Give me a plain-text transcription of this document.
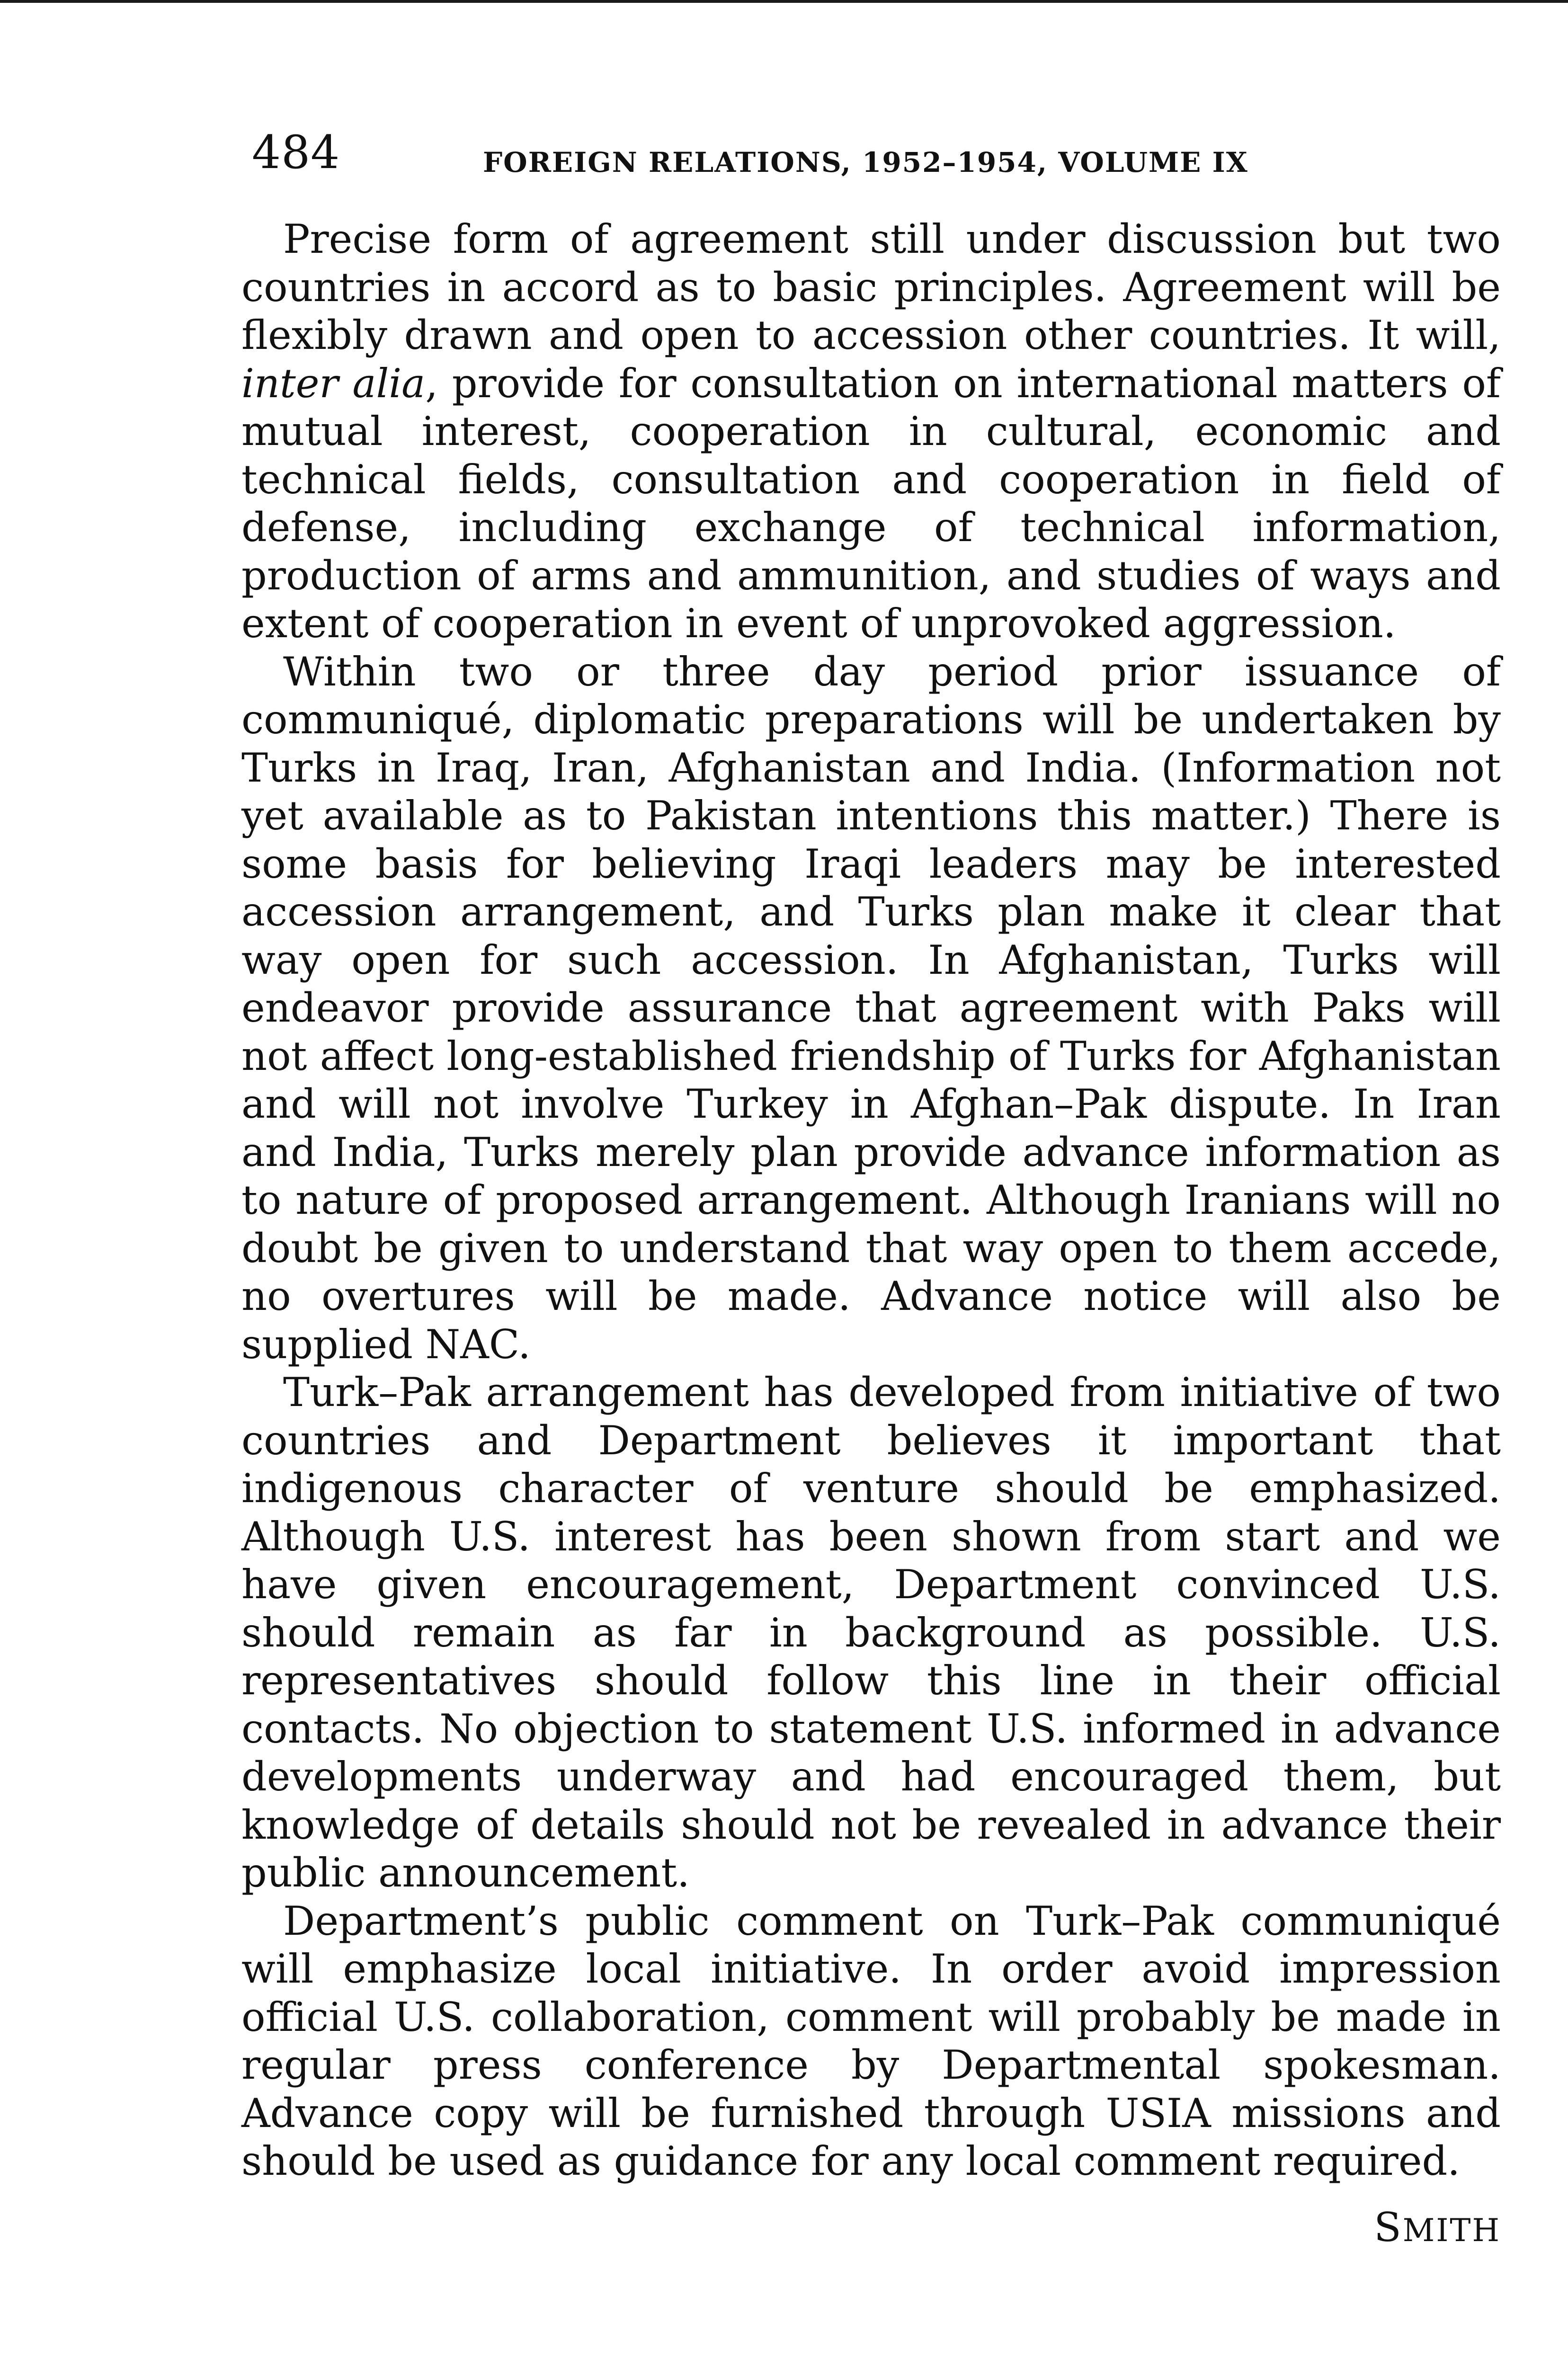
484	FOREIGN RELATIONS, 1952–1954, VOLUME IX

Precise form of agreement still under discussion but two countries in accord as to basic principles. Agreement will be flexibly drawn and open to accession other countries. It will, inter alia, provide for consultation on international matters of mutual interest, cooperation in cultural, economic and technical fields, consultation and cooperation in field of defense, including exchange of technical information, production of arms and ammunition, and studies of ways and extent of cooperation in event of unprovoked aggression.

Within two or three day period prior issuance of communiqué, diplomatic preparations will be undertaken by Turks in Iraq, Iran, Afghanistan and India. (Information not yet available as to Pakistan intentions this matter.) There is some basis for believing Iraqi leaders may be interested accession arrangement, and Turks plan make it clear that way open for such accession. In Afghanistan, Turks will endeavor provide assurance that agreement with Paks will not affect long-established friendship of Turks for Afghanistan and will not involve Turkey in Afghan–Pak dispute. In Iran and India, Turks merely plan provide advance information as to nature of proposed arrangement. Although Iranians will no doubt be given to understand that way open to them accede, no overtures will be made. Advance notice will also be supplied NAC.

Turk–Pak arrangement has developed from initiative of two countries and Department believes it important that indigenous character of venture should be emphasized. Although U.S. interest has been shown from start and we have given encouragement, Department convinced U.S. should remain as far in background as possible. U.S. representatives should follow this line in their official contacts. No objection to statement U.S. informed in advance developments underway and had encouraged them, but knowledge of details should not be revealed in advance their public announcement.

Department’s public comment on Turk–Pak communiqué will emphasize local initiative. In order avoid impression official U.S. collaboration, comment will probably be made in regular press conference by Departmental spokesman. Advance copy will be furnished through USIA missions and should be used as guidance for any local comment required.

SMITH
